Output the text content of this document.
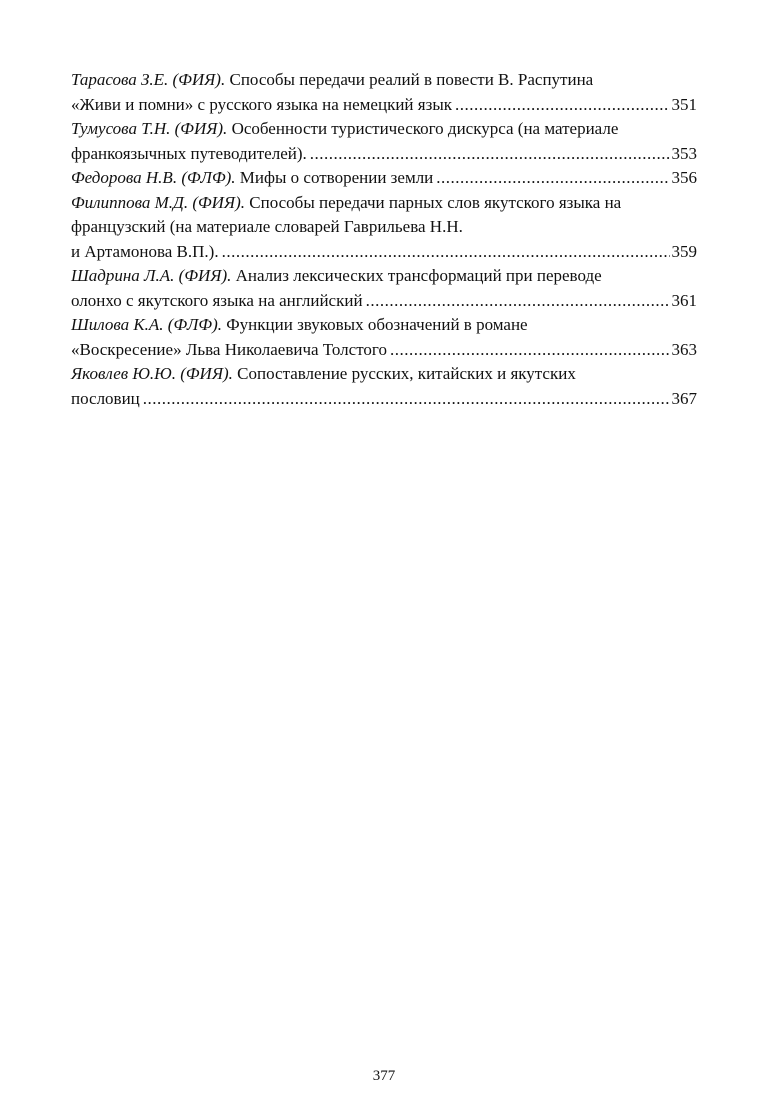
Тарасова З.Е. (ФИЯ).
Способы передачи реалий в повести В. Распутина
«Живи и помни» с русского языка на немецкий язык .....	351
Тумусова Т.Н. (ФИЯ).
Особенности туристического дискурса (на материале
франкоязычных путеводителей). .....	353
Федорова Н.В. (ФЛФ).
Мифы о сотворении земли .....	356
Филиппова М.Д. (ФИЯ).
Способы передачи парных слов якутского языка на
французский (на материале словарей Гаврильева Н.Н.
и Артамонова В.П.). .....	359
Шадрина Л.А. (ФИЯ).
Анализ лексических трансформаций при переводе
олонхо с якутского языка на английский .....	361
Шилова К.А. (ФЛФ).
Функции звуковых обозначений в романе
«Воскресение» Льва Николаевича Толстого .....	363
Яковлев Ю.Ю. (ФИЯ).
Сопоставление русских, китайских и якутских
пословиц .....	367
377
